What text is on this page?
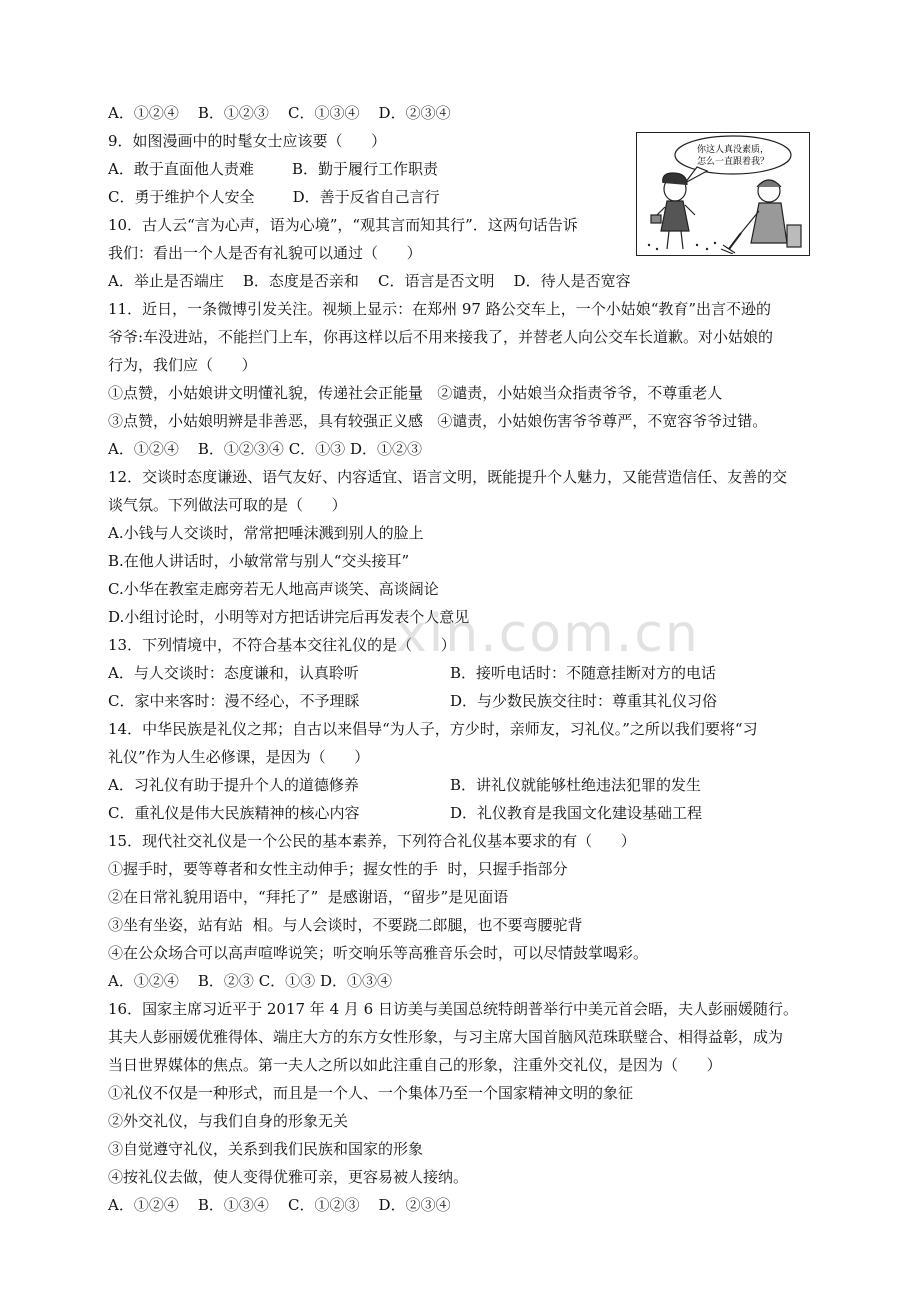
A．①②④    B．①②③    C．①③④    D．②③④
9．如图漫画中的时髦女士应该要（      ）
A．敢于直面他人责难        B．勤于履行工作职责
C．勇于维护个人安全        D．善于反省自己言行
10．古人云“言为心声，语为心境”，“观其言而知其行”．这两句话告诉
我们：看出一个人是否有礼貌可以通过（      ）
A．举止是否端庄    B．态度是否亲和    C．语言是否文明    D．待人是否宽容
11．近日，一条微博引发关注。视频上显示：在郑州 97 路公交车上，一个小姑娘“教育”出言不逊的
爷爷:车没进站，不能拦门上车，你再这样以后不用来接我了，并替老人向公交车长道歉。对小姑娘的
行为，我们应（      ）
①点赞，小姑娘讲文明懂礼貌，传递社会正能量   ②谴责，小姑娘当众指责爷爷，不尊重老人
③点赞，小姑娘明辨是非善恶，具有较强正义感   ④谴责，小姑娘伤害爷爷尊严，不宽容爷爷过错。
A．①②④    B．①②③④ C．①③ D．①②③
12．交谈时态度谦逊、语气友好、内容适宜、语言文明，既能提升个人魅力，又能营造信任、友善的交
谈气氛。下列做法可取的是（      ）
A.小钱与人交谈时，常常把唾沫溅到别人的脸上
B.在他人讲话时，小敏常常与别人“交头接耳”
C.小华在教室走廊旁若无人地高声谈笑、高谈阔论
D.小组讨论时，小明等对方把话讲完后再发表个人意见
13．下列情境中，不符合基本交往礼仪的是（      ）
A．与人交谈时：态度谦和，认真聆听	B．接听电话时：不随意挂断对方的电话
C．家中来客时：漫不经心，不予理睬	D．与少数民族交往时：尊重其礼仪习俗
14．中华民族是礼仪之邦；自古以来倡导“为人子，方少时，亲师友，习礼仪。”之所以我们要将“习
礼仪”作为人生必修课，是因为（      ）
A．习礼仪有助于提升个人的道德修养	B．讲礼仪就能够杜绝违法犯罪的发生
C．重礼仪是伟大民族精神的核心内容	D．礼仪教育是我国文化建设基础工程
15．现代社交礼仪是一个公民的基本素养，下列符合礼仪基本要求的有（      ）
①握手时，要等尊者和女性主动伸手；握女性的手  时，只握手指部分
②在日常礼貌用语中，“拜托了”  是感谢语，“留步”是见面语
③坐有坐姿，站有站  相。与人会谈时，不要跷二郎腿，也不要弯腰驼背
④在公众场合可以高声喧哗说笑；听交响乐等高雅音乐会时，可以尽情鼓掌喝彩。
A．①②④    B．②③ C．①③ D．①③④
16．国家主席习近平于 2017 年 4 月 6 日访美与美国总统特朗普举行中美元首会晤，夫人彭丽媛随行。
其夫人彭丽媛优雅得体、端庄大方的东方女性形象，与习主席大国首脑风范珠联璧合、相得益彰，成为
当日世界媒体的焦点。第一夫人之所以如此注重自己的形象，注重外交礼仪，是因为（      ）
①礼仪不仅是一种形式，而且是一个人、一个集体乃至一个国家精神文明的象征
②外交礼仪，与我们自身的形象无关
③自觉遵守礼仪，关系到我们民族和国家的形象
④按礼仪去做，使人变得优雅可亲，更容易被人接纳。
A．①②④    B．①③④    C．①②③    D．②③④
xin.com.cn
你这人真没素质，
怎么一直跟着我？
